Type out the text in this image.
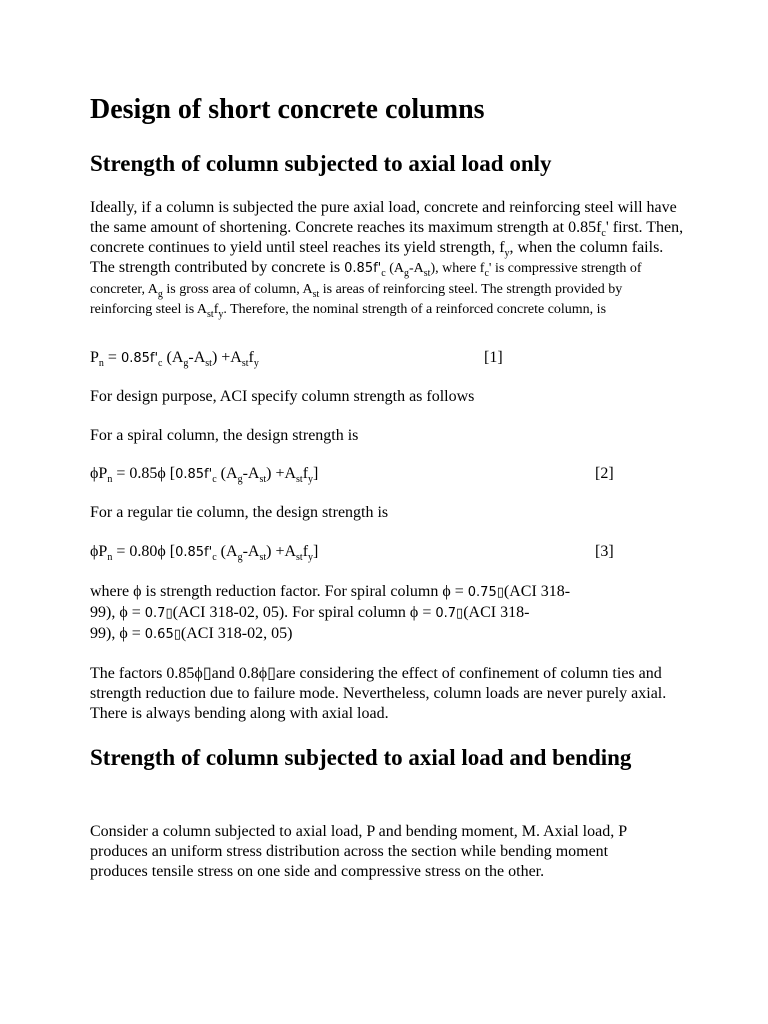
Design of short concrete columns
Strength of column subjected to axial load only
Ideally, if a column is subjected the pure axial load, concrete and reinforcing steel will have the same amount of shortening. Concrete reaches its maximum strength at $0.85f_c'$ first. Then, concrete continues to yield until steel reaches its yield strength, $f_y$, when the column fails. The strength contributed by concrete is $0.85f'_c$ $(A_g-A_{st})$, where $f_c'$ is compressive strength of concreter, $A_g$ is gross area of column, $A_{st}$ is areas of reinforcing steel. The strength provided by reinforcing steel is $A_{st}f_y$. Therefore, the nominal strength of a reinforced concrete column, is
$P_n = 0.85f'_c$ $(A_g-A_{st}) +A_{st}f_y$	[1]
For design purpose, ACI specify column strength as follows
For a spiral column, the design strength is
$\phi P_n = 0.85\phi$ [$0.85f'_c$ $(A_g-A_{st}) +A_{st}f_y$]	[2]
For a regular tie column, the design strength is
$\phi P_n = 0.80\phi$ [$0.85f'_c$ $(A_g-A_{st}) +A_{st}f_y$]	[3]
where ϕ is strength reduction factor. For spiral column ϕ = 0.75▯(ACI 318-
99), ϕ = 0.7▯(ACI 318-02, 05). For spiral column ϕ = 0.7▯(ACI 318-
99), ϕ = 0.65▯(ACI 318-02, 05)
The factors 0.85ϕ▯and 0.8ϕ▯are considering the effect of confinement of column ties and strength reduction due to failure mode. Nevertheless, column loads are never purely axial. There is always bending along with axial load.
Strength of column subjected to axial load and bending
Consider a column subjected to axial load, P and bending moment, M. Axial load, P produces an uniform stress distribution across the section while bending moment produces tensile stress on one side and compressive stress on the other.
